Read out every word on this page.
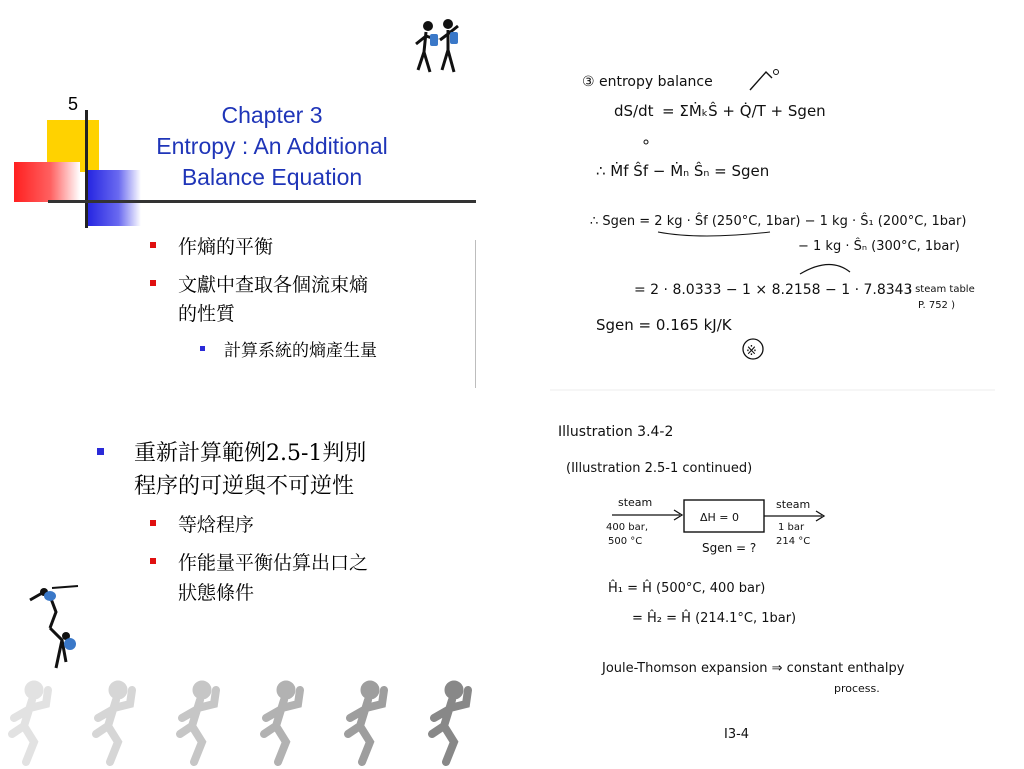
5	Chapter 3
Entropy : An Additional
Balance Equation
作熵的平衡
文獻中查取各個流束熵
的性質
計算系統的熵產生量
重新計算範例2.5-1判別
程序的可逆與不可逆性
等焓程序
作能量平衡估算出口之
狀態條件
③ entropy balance
dS/dt = ΣṀₖŜ + Q̇/T + Sgen
∴ Ṁf Ŝf − Ṁₙ Ŝₙ = Sgen
∴ Sgen = 2 kg · Ŝf (250°C, 1bar) − 1 kg · Ŝ₁ (200°C, 1bar)
− 1 kg · Ŝₙ (300°C, 1bar)
= 2 · 8.0333 − 1 × 8.2158 − 1 · 7.8343
( steam table
P. 752 )
Sgen = 0.165 kJ/K
※
Illustration 3.4-2
(Illustration 2.5-1 continued)
steam
400 bar,
500 °C
ΔH = 0
steam
1 bar
214 °C
Sgen = ?
Ĥ₁ = Ĥ (500°C, 400 bar)
= Ĥ₂ = Ĥ (214.1°C, 1bar)
Joule-Thomson expansion ⇒ constant enthalpy
process.
I3-4
